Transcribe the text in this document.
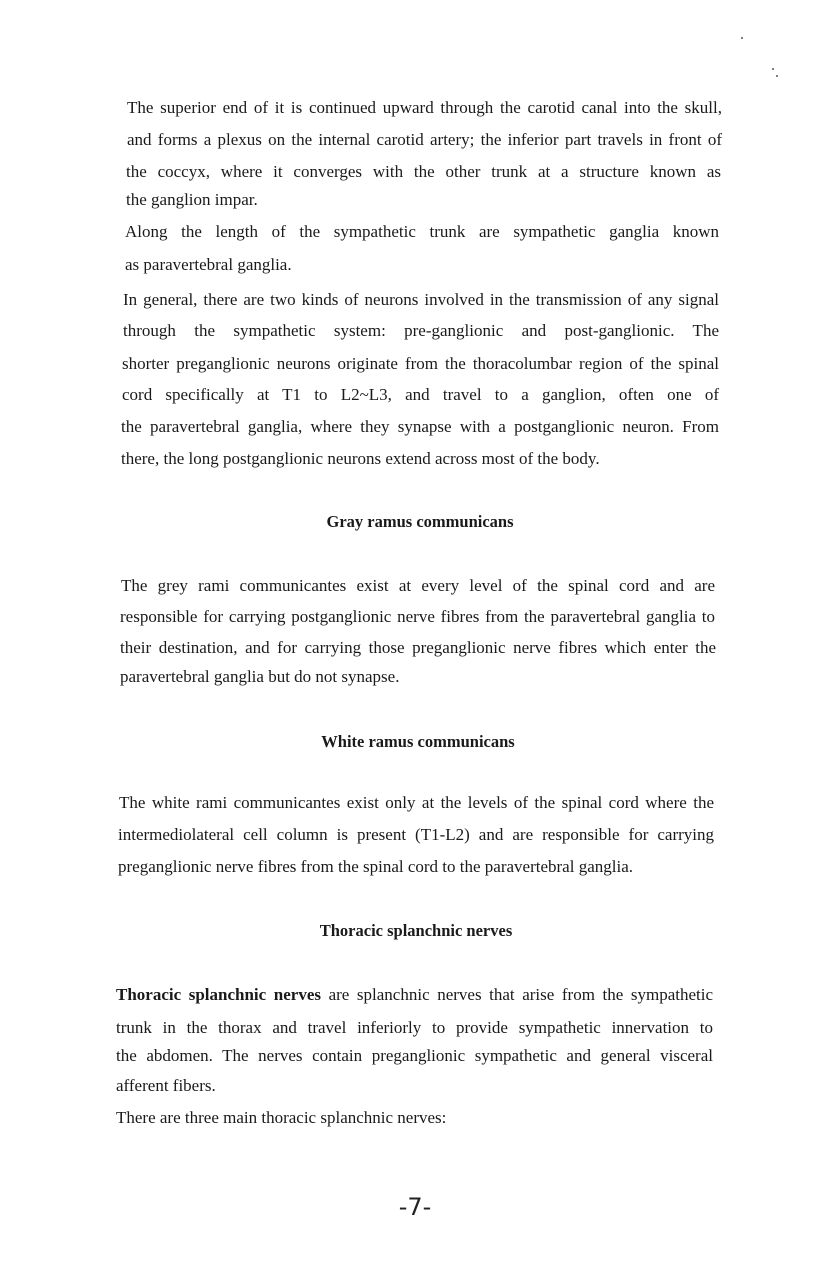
The superior end of it is continued upward through the carotid canal into the skull,
and forms a plexus on the internal carotid artery; the inferior part travels in front of
the coccyx, where it converges with the other trunk at a structure known as
the ganglion impar.
Along the length of the sympathetic trunk are sympathetic ganglia known
as paravertebral ganglia.
In general, there are two kinds of neurons involved in the transmission of any signal
through the sympathetic system: pre-ganglionic and post-ganglionic. The
shorter preganglionic neurons originate from the thoracolumbar region of the spinal
cord specifically at T1 to L2~L3, and travel to a ganglion, often one of
the paravertebral ganglia, where they synapse with a postganglionic neuron. From
there, the long postganglionic neurons extend across most of the body.
Gray ramus communicans
The grey rami communicantes exist at every level of the spinal cord and are
responsible for carrying postganglionic nerve fibres from the paravertebral ganglia to
their destination, and for carrying those preganglionic nerve fibres which enter the
paravertebral ganglia but do not synapse.
White ramus communicans
The white rami communicantes exist only at the levels of the spinal cord where the
intermediolateral cell column is present (T1-L2) and are responsible for carrying
preganglionic nerve fibres from the spinal cord to the paravertebral ganglia.
Thoracic splanchnic nerves
Thoracic splanchnic nerves are splanchnic nerves that arise from the sympathetic
trunk in the thorax and travel inferiorly to provide sympathetic innervation to
the abdomen. The nerves contain preganglionic sympathetic and general visceral
afferent fibers.
There are three main thoracic splanchnic nerves:
-7-
